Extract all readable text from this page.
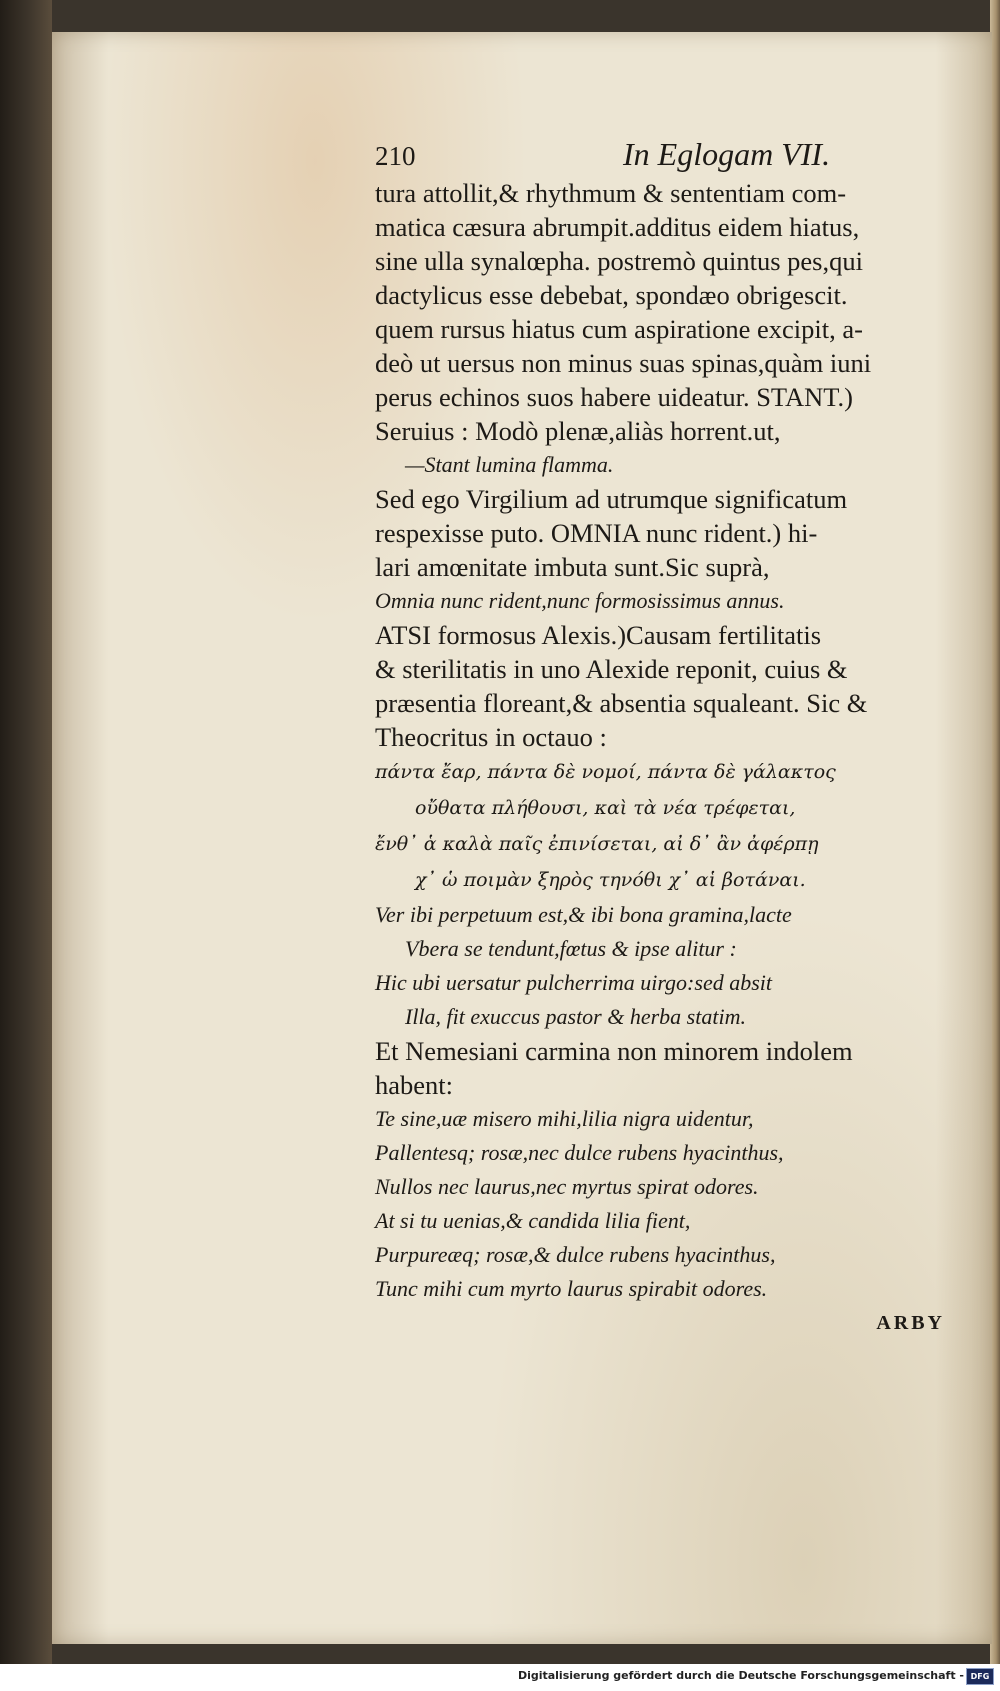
210	In Eglogam VII.
tura attollit,& rhythmum & sententiam com-
matica cæsura abrumpit.additus eidem hiatus,
sine ulla synalœpha. postremò quintus pes,qui
dactylicus esse debebat, spondæo obrigescit.
quem rursus hiatus cum aspiratione excipit, a-
deò ut uersus non minus suas spinas,quàm iuni
perus echinos suos habere uideatur. STANT.)
Seruius : Modò plenæ,aliàs horrent.ut,
—Stant lumina flamma.
Sed ego Virgilium ad utrumque significatum
respexisse puto. OMNIA nunc rident.) hi-
lari amœnitate imbuta sunt.Sic suprà,
Omnia nunc rident,nunc formosissimus annus.
ATSI formosus Alexis.)Causam fertilitatis
& sterilitatis in uno Alexide reponit, cuius &
præsentia floreant,& absentia squaleant. Sic &
Theocritus in octauo :
πάντα ἔαρ, πάντα δὲ νομοί, πάντα δὲ γάλακτος
οὔθατα πλήθουσι, καὶ τὰ νέα τρέφεται,
ἔνθ᾽ ἁ καλὰ παῖς ἐπινίσεται, αἰ δ᾽ ἂν ἀφέρπῃ
χ᾽ ὡ ποιμὰν ξηρὸς τηνόθι χ᾽ αἱ βοτάναι.
Ver ibi perpetuum est,& ibi bona gramina,lacte
Vbera se tendunt,fœtus & ipse alitur :
Hic ubi uersatur pulcherrima uirgo:sed absit
Illa, fit exuccus pastor & herba statim.
Et Nemesiani carmina non minorem indolem
habent:
Te sine,uæ misero mihi,lilia nigra uidentur,
Pallentesq; rosæ,nec dulce rubens hyacinthus,
Nullos nec laurus,nec myrtus spirat odores.
At si tu uenias,& candida lilia fient,
Purpureæq; rosæ,& dulce rubens hyacinthus,
Tunc mihi cum myrto laurus spirabit odores.
ARBY
Digitalisierung gefördert durch die Deutsche Forschungsgemeinschaft - DFG
